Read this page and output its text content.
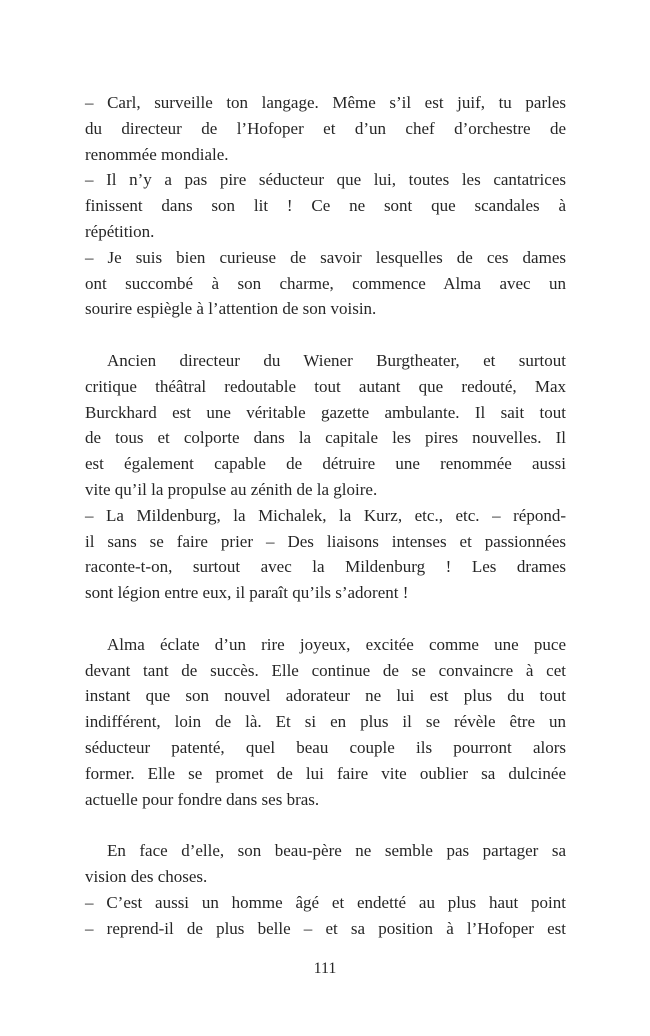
– Carl, surveille ton langage. Même s’il est juif, tu parles
du directeur de l’Hofoper et d’un chef d’orchestre de
renommée mondiale.
– Il n’y a pas pire séducteur que lui, toutes les cantatrices
finissent dans son lit ! Ce ne sont que scandales à
répétition.
– Je suis bien curieuse de savoir lesquelles de ces dames
ont succombé à son charme, commence Alma avec un
sourire espiègle à l’attention de son voisin.
Ancien directeur du Wiener Burgtheater, et surtout
critique théâtral redoutable tout autant que redouté, Max
Burckhard est une véritable gazette ambulante. Il sait tout
de tous et colporte dans la capitale les pires nouvelles. Il
est également capable de détruire une renommée aussi
vite qu’il la propulse au zénith de la gloire.
– La Mildenburg, la Michalek, la Kurz, etc., etc. – répond-
il sans se faire prier – Des liaisons intenses et passionnées
raconte-t-on, surtout avec la Mildenburg ! Les drames
sont légion entre eux, il paraît qu’ils s’adorent !
Alma éclate d’un rire joyeux, excitée comme une puce
devant tant de succès. Elle continue de se convaincre à cet
instant que son nouvel adorateur ne lui est plus du tout
indifférent, loin de là. Et si en plus il se révèle être un
séducteur patenté, quel beau couple ils pourront alors
former. Elle se promet de lui faire vite oublier sa dulcinée
actuelle pour fondre dans ses bras.
En face d’elle, son beau-père ne semble pas partager sa
vision des choses.
– C’est aussi un homme âgé et endetté au plus haut point
– reprend-il de plus belle – et sa position à l’Hofoper est
111
